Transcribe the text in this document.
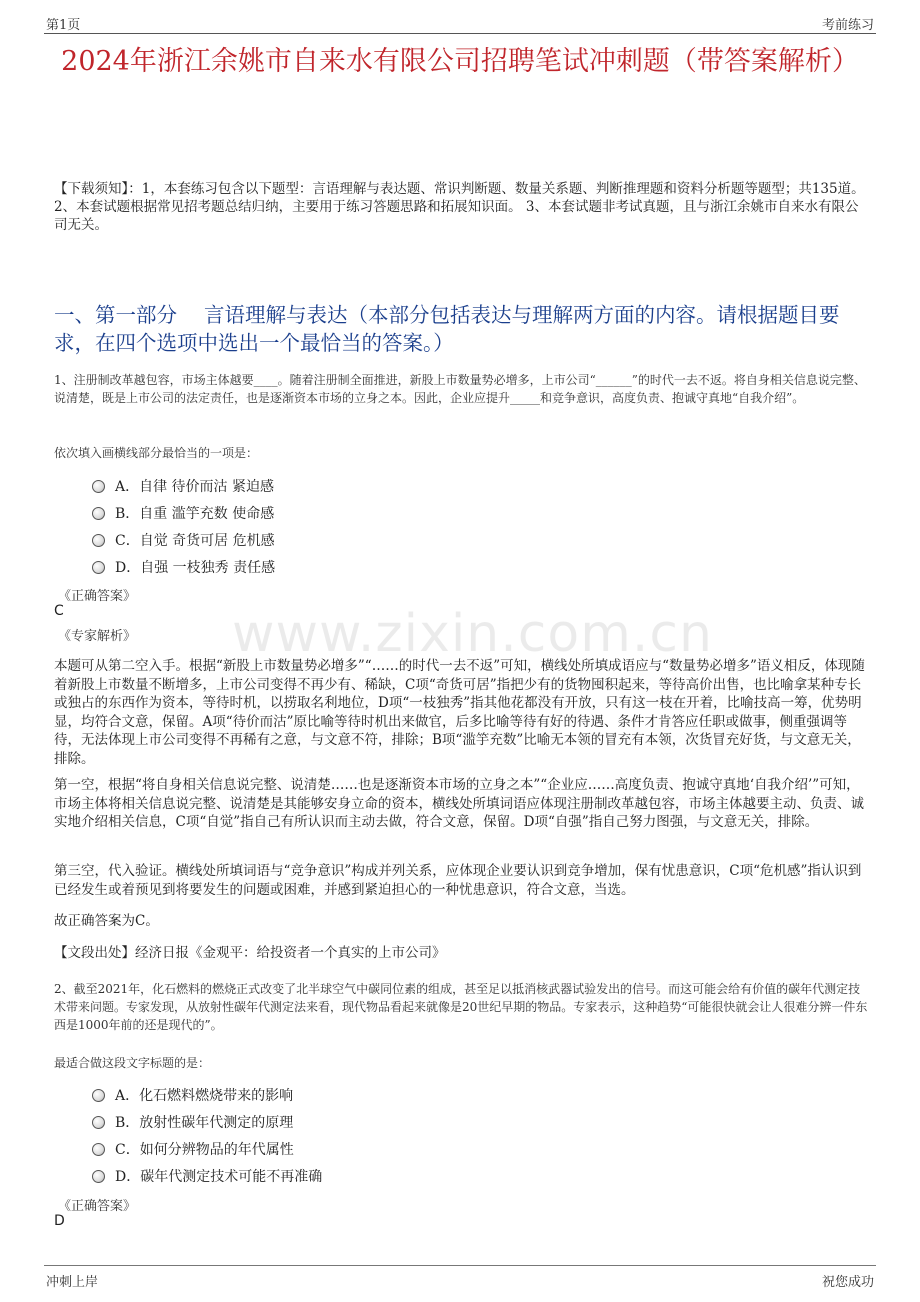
第1页	考前练习
2024年浙江余姚市自来水有限公司招聘笔试冲刺题（带答案解析）
【下载须知】：1，本套练习包含以下题型：言语理解与表达题、常识判断题、数量关系题、判断推理题和资料分析题等题型；共135道。 2、本套试题根据常见招考题总结归纳，主要用于练习答题思路和拓展知识面。 3、本套试题非考试真题，且与浙江余姚市自来水有限公司无关。
一、第一部分　 言语理解与表达（本部分包括表达与理解两方面的内容。请根据题目要求，在四个选项中选出一个最恰当的答案。）
1、注册制改革越包容，市场主体越要____。随着注册制全面推进，新股上市数量势必增多，上市公司“______”的时代一去不返。将自身相关信息说完整、说清楚，既是上市公司的法定责任，也是逐渐资本市场的立身之本。因此，企业应提升_____和竞争意识，高度负责、抱诚守真地“自我介绍”。
依次填入画横线部分最恰当的一项是：
A．自律 待价而沽 紧迫感
B．自重 滥竽充数 使命感
C．自觉 奇货可居 危机感
D．自强 一枝独秀 责任感
《正确答案》
C
《专家解析》 www.zixin.com.cn
本题可从第二空入手。根据“新股上市数量势必增多”“……的时代一去不返”可知，横线处所填成语应与“数量势必增多”语义相反，体现随着新股上市数量不断增多，上市公司变得不再少有、稀缺，C项“奇货可居”指把少有的货物囤积起来，等待高价出售，也比喻拿某种专长或独占的东西作为资本，等待时机，以捞取名利地位，D项“一枝独秀”指其他花都没有开放，只有这一枝在开着，比喻技高一筹，优势明显，均符合文意，保留。A项“待价而沽”原比喻等待时机出来做官，后多比喻等待有好的待遇、条件才肯答应任职或做事，侧重强调等待，无法体现上市公司变得不再稀有之意，与文意不符，排除；B项“滥竽充数”比喻无本领的冒充有本领，次货冒充好货，与文意无关，排除。
第一空，根据“将自身相关信息说完整、说清楚……也是逐渐资本市场的立身之本”“企业应……高度负责、抱诚守真地‘自我介绍’”可知，市场主体将相关信息说完整、说清楚是其能够安身立命的资本，横线处所填词语应体现注册制改革越包容，市场主体越要主动、负责、诚实地介绍相关信息，C项“自觉”指自己有所认识而主动去做，符合文意，保留。D项“自强”指自己努力图强，与文意无关，排除。
第三空，代入验证。横线处所填词语与“竞争意识”构成并列关系，应体现企业要认识到竞争增加，保有忧患意识，C项“危机感”指认识到已经发生或着预见到将要发生的问题或困难，并感到紧迫担心的一种忧患意识，符合文意，当选。
故正确答案为C。
【文段出处】经济日报《金观平：给投资者一个真实的上市公司》
2、截至2021年，化石燃料的燃烧正式改变了北半球空气中碳同位素的组成，甚至足以抵消核武器试验发出的信号。而这可能会给有价值的碳年代测定技术带来问题。专家发现，从放射性碳年代测定法来看，现代物品看起来就像是20世纪早期的物品。专家表示，这种趋势“可能很快就会让人很难分辨一件东西是1000年前的还是现代的”。
最适合做这段文字标题的是：
A．化石燃料燃烧带来的影响
B．放射性碳年代测定的原理
C．如何分辨物品的年代属性
D．碳年代测定技术可能不再准确
《正确答案》
D
冲刺上岸	祝您成功
